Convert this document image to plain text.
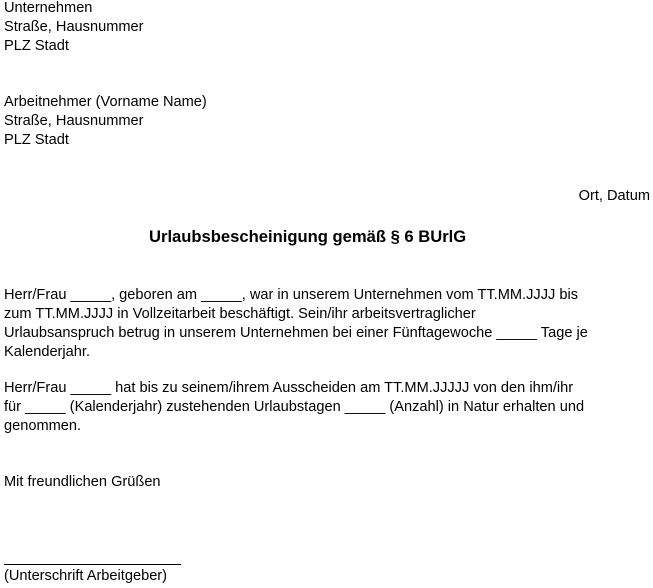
Unternehmen
Straße, Hausnummer
PLZ Stadt
Arbeitnehmer (Vorname Name)
Straße, Hausnummer
PLZ Stadt
Ort, Datum
Urlaubsbescheinigung gemäß § 6 BUrlG

Herr/Frau _____, geboren am _____, war in unserem Unternehmen vom TT.MM.JJJJ bis
zum TT.MM.JJJJ in Vollzeitarbeit beschäftigt. Sein/ihr arbeitsvertraglicher
Urlaubsanspruch betrug in unserem Unternehmen bei einer Fünftagewoche _____ Tage je
Kalenderjahr.

Herr/Frau _____ hat bis zu seinem/ihrem Ausscheiden am TT.MM.JJJJJ von den ihm/ihr
für _____ (Kalenderjahr) zustehenden Urlaubstagen _____ (Anzahl) in Natur erhalten und
genommen.

Mit freundlichen Grüßen

(Unterschrift Arbeitgeber)
